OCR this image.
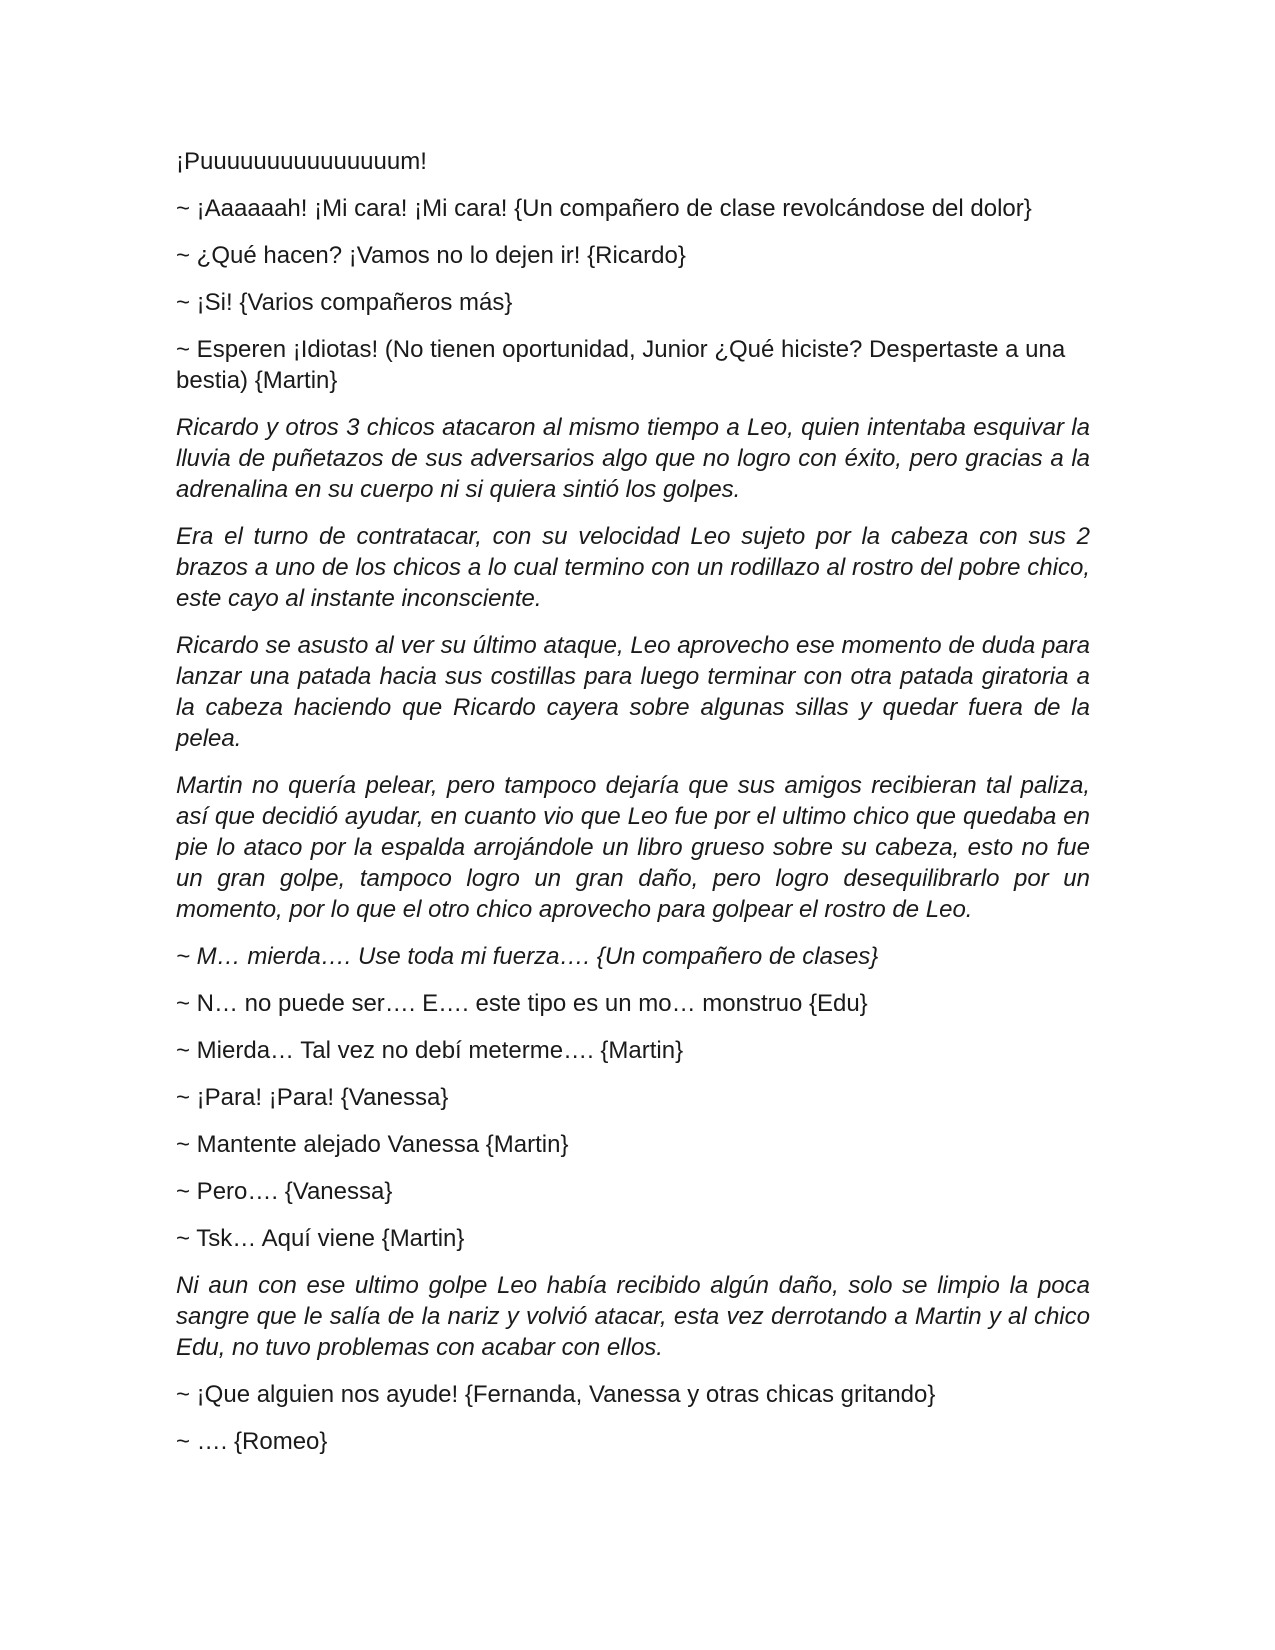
¡Puuuuuuuuuuuuuuum!

~ ¡Aaaaaah! ¡Mi cara! ¡Mi cara! {Un compañero de clase revolcándose del dolor}

~ ¿Qué hacen? ¡Vamos no lo dejen ir! {Ricardo}

~ ¡Si! {Varios compañeros más}

~ Esperen ¡Idiotas! (No tienen oportunidad, Junior ¿Qué hiciste? Despertaste a una bestia) {Martin}

Ricardo y otros 3 chicos atacaron al mismo tiempo a Leo, quien intentaba esquivar la lluvia de puñetazos de sus adversarios algo que no logro con éxito, pero gracias a la adrenalina en su cuerpo ni si quiera sintió los golpes.

Era el turno de contratacar, con su velocidad Leo sujeto por la cabeza con sus 2 brazos a uno de los chicos a lo cual termino con un rodillazo al rostro del pobre chico, este cayo al instante inconsciente.

Ricardo se asusto al ver su último ataque, Leo aprovecho ese momento de duda para lanzar una patada hacia sus costillas para luego terminar con otra patada giratoria a la cabeza haciendo que Ricardo cayera sobre algunas sillas y quedar fuera de la pelea.

Martin no quería pelear, pero tampoco dejaría que sus amigos recibieran tal paliza, así que decidió ayudar, en cuanto vio que Leo fue por el ultimo chico que quedaba en pie lo ataco por la espalda arrojándole un libro grueso sobre su cabeza, esto no fue un gran golpe, tampoco logro un gran daño, pero logro desequilibrarlo por un momento, por lo que el otro chico aprovecho para golpear el rostro de Leo.

~ M… mierda…. Use toda mi fuerza…. {Un compañero de clases}

~ N… no puede ser…. E…. este tipo es un mo… monstruo {Edu}

~ Mierda… Tal vez no debí meterme…. {Martin}

~ ¡Para! ¡Para! {Vanessa}

~ Mantente alejado Vanessa {Martin}

~ Pero…. {Vanessa}

~ Tsk… Aquí viene {Martin}

Ni aun con ese ultimo golpe Leo había recibido algún daño, solo se limpio la poca sangre que le salía de la nariz y volvió atacar, esta vez derrotando a Martin y al chico Edu, no tuvo problemas con acabar con ellos.

~ ¡Que alguien nos ayude! {Fernanda, Vanessa y otras chicas gritando}

~ …. {Romeo}
